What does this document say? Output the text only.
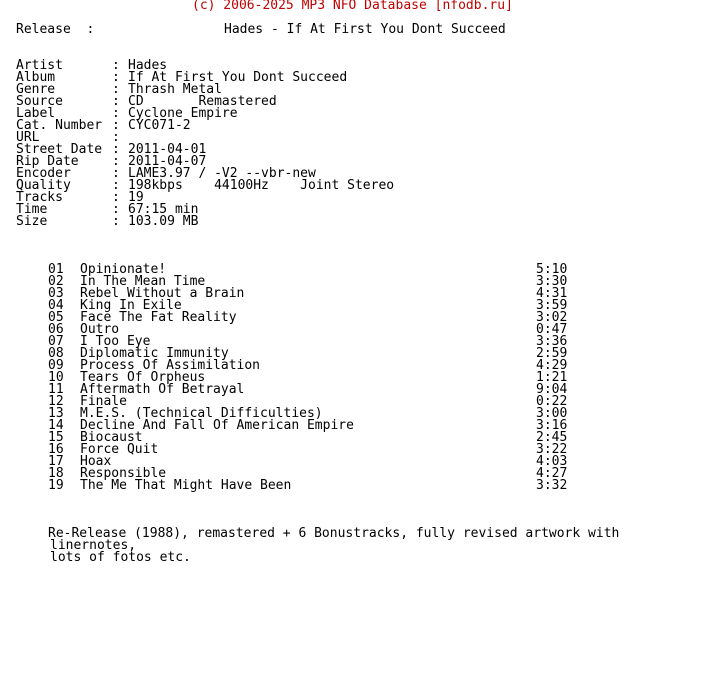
(c) 2006-2025 MP3 NFO Database [nfodb.ru]
Release  :	Hades - If At First You Dont Succeed
Artist	: Hades
Album	: If At First You Dont Succeed
Genre	: Thrash Metal
Source	: CD       Remastered
Label	: Cyclone Empire
Cat. Number : CYC071-2
URL	:
Street Date : 2011-04-01
Rip Date	: 2011-04-07
Encoder	: LAME3.97 / -V2 --vbr-new
Quality	: 198kbps    44100Hz    Joint Stereo
Tracks	: 19
Time	: 67:15 min
Size	: 103.09 MB
01 Opinionate!	5:10
02 In The Mean Time	3:30
03 Rebel Without a Brain	4:31
04 King In Exile	3:59
05 Face The Fat Reality	3:02
06 Outro	0:47
07 I Too Eye	3:36
08 Diplomatic Immunity	2:59
09 Process Of Assimilation	4:29
10 Tears Of Orpheus	1:21
11 Aftermath Of Betrayal	9:04
12 Finale	0:22
13 M.E.S. (Technical Difficulties)	3:00
14 Decline And Fall Of American Empire	3:16
15 Biocaust	2:45
16 Force Quit	3:22
17 Hoax	4:03
18 Responsible	4:27
19 The Me That Might Have Been	3:32
Re-Release (1988), remastered + 6 Bonustracks, fully revised artwork with
linernotes,
lots of fotos etc.
